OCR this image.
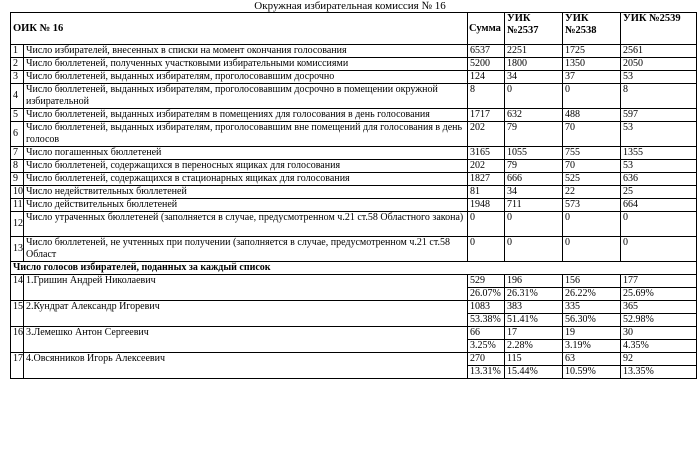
Окружная избирательная комиссия № 16
ОИК № 16		Сумма	УИК №2537	УИК №2538	УИК №2539
1	Число избирателей, внесенных в списки на момент окончания голосования	6537	2251	1725	2561
2	Число бюллетеней, полученных участковыми избирательными комиссиями	5200	1800	1350	2050
3	Число бюллетеней, выданных избирателям, проголосовавшим досрочно	124	34	37	53
4	Число бюллетеней, выданных избирателям, проголосовавшим досрочно в помещении окружной избирательной	8	0	0	8
5	Число бюллетеней, выданных избирателям в помещениях для голосования в день голосования	1717	632	488	597
6	Число бюллетеней, выданных избирателям, проголосовавшим вне помещений для голосования в день голосов	202	79	70	53
7	Число погашенных бюллетеней	3165	1055	755	1355
8	Число бюллетеней, содержащихся в переносных ящиках для голосования	202	79	70	53
9	Число бюллетеней, содержащихся в стационарных ящиках для голосования	1827	666	525	636
10	Число недействительных бюллетеней	81	34	22	25
11	Число действительных бюллетеней	1948	711	573	664
12	Число утраченных бюллетеней (заполняется в случае, предусмотренном ч.21 ст.58 Областного закона)	0	0	0	0
13	Число бюллетеней, не учтенных при получении (заполняется в случае, предусмотренном ч.21 ст.58 Област	0	0	0	0
Число голосов избирателей, поданных за каждый список					
14	1.Гришин Андрей Николаевич	529	196	156	177
		26.07%	26.31%	26.22%	25.69%
15	2.Кундрат Александр Игоревич	1083	383	335	365
		53.38%	51.41%	56.30%	52.98%
16	3.Лемешко Антон Сергеевич	66	17	19	30
		3.25%	2.28%	3.19%	4.35%
17	4.Овсянников Игорь Алексеевич	270	115	63	92
		13.31%	15.44%	10.59%	13.35%
